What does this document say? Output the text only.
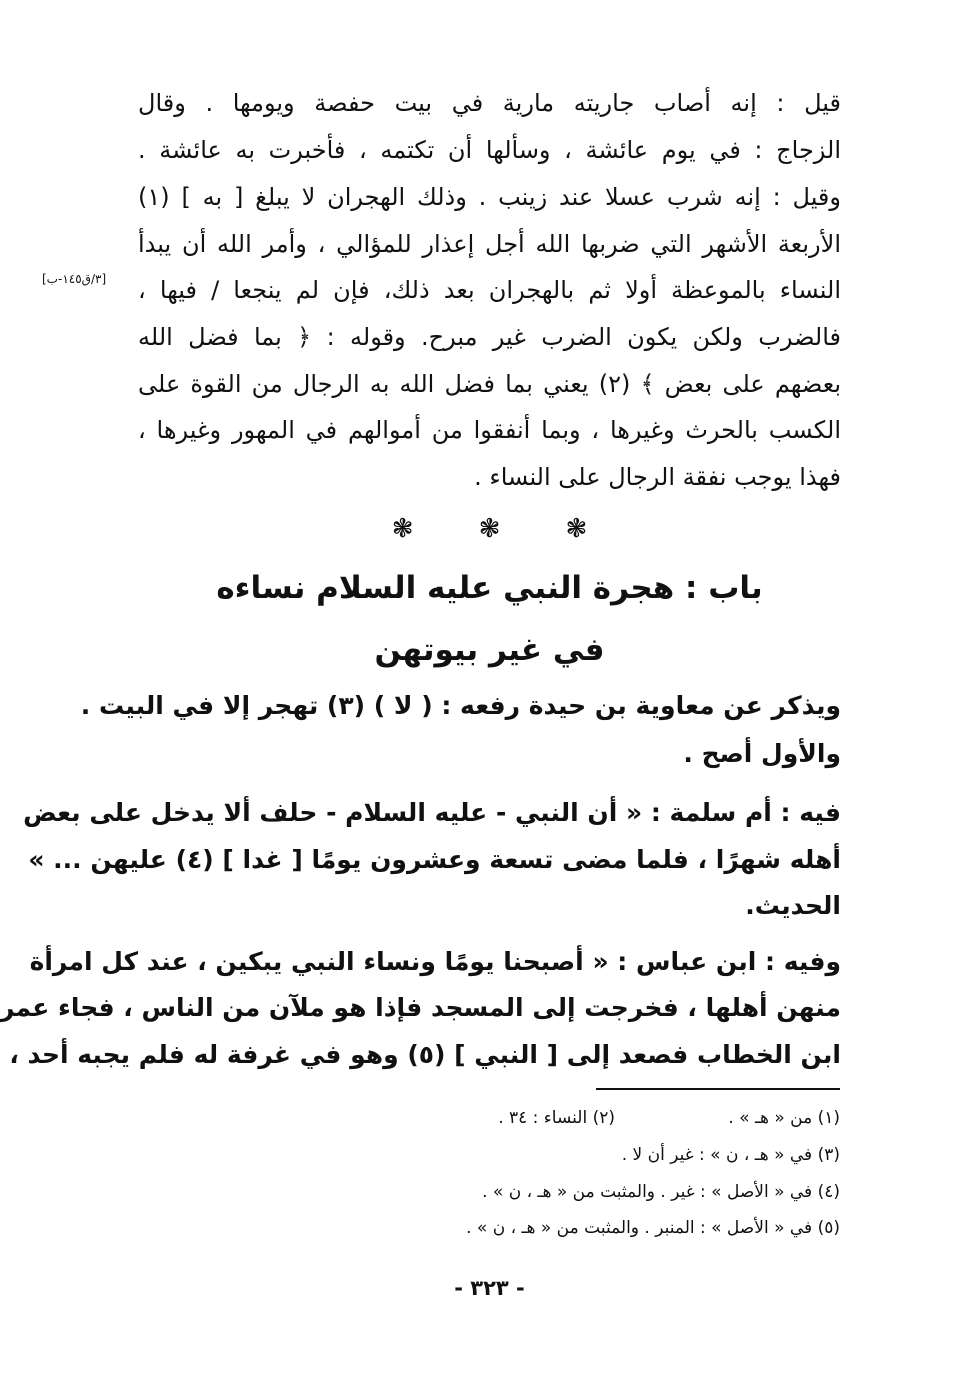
قيل : إنه أصاب جاريته مارية في بيت حفصة ويومها . وقال
الزجاج : في يوم عائشة ، وسألها أن تكتمه ، فأخبرت به عائشة .
وقيل : إنه شرب عسلا عند زينب . وذلك الهجران لا يبلغ [ به ] (١)
الأربعة الأشهر التي ضربها الله أجل إعذار للمؤالي ، وأمر الله أن يبدأ
النساء بالموعظة أولا ثم بالهجران بعد ذلك، فإن لم ينجعا / فيها ،
[٣/ق١٤٥-ب]
فالضرب ولكن يكون الضرب غير مبرح. وقوله : ﴿ بما فضل الله
بعضهم على بعض ﴾ (٢) يعني بما فضل الله به الرجال من القوة على
الكسب بالحرث وغيرها ، وبما أنفقوا من أموالهم في المهور وغيرها ،
فهذا يوجب نفقة الرجال على النساء .
❃	❃	❃
باب : هجرة النبي عليه السلام نساءه
في غير بيوتهن
ويذكر عن معاوية بن حيدة رفعه : ( لا ) (٣) تهجر إلا في البيت .
والأول أصح .
فيه : أم سلمة : « أن النبي - عليه السلام - حلف ألا يدخل على بعض
أهله شهرًا ، فلما مضى تسعة وعشرون يومًا [ غدا ] (٤) عليهن ... »
الحديث.
وفيه : ابن عباس : « أصبحنا يومًا ونساء النبي يبكين ، عند كل امرأة
منهن أهلها ، فخرجت إلى المسجد فإذا هو ملآن من الناس ، فجاء عمر
ابن الخطاب فصعد إلى [ النبي ] (٥) وهو في غرفة له فلم يجبه أحد ،
(١) من « هـ » .
(٢) النساء : ٣٤ .
(٣) في « هـ ، ن » : غير أن لا .
(٤) في « الأصل » : غير . والمثبت من « هـ ، ن » .
(٥) في « الأصل » : المنبر . والمثبت من « هـ ، ن » .
- ٣٢٣ -
